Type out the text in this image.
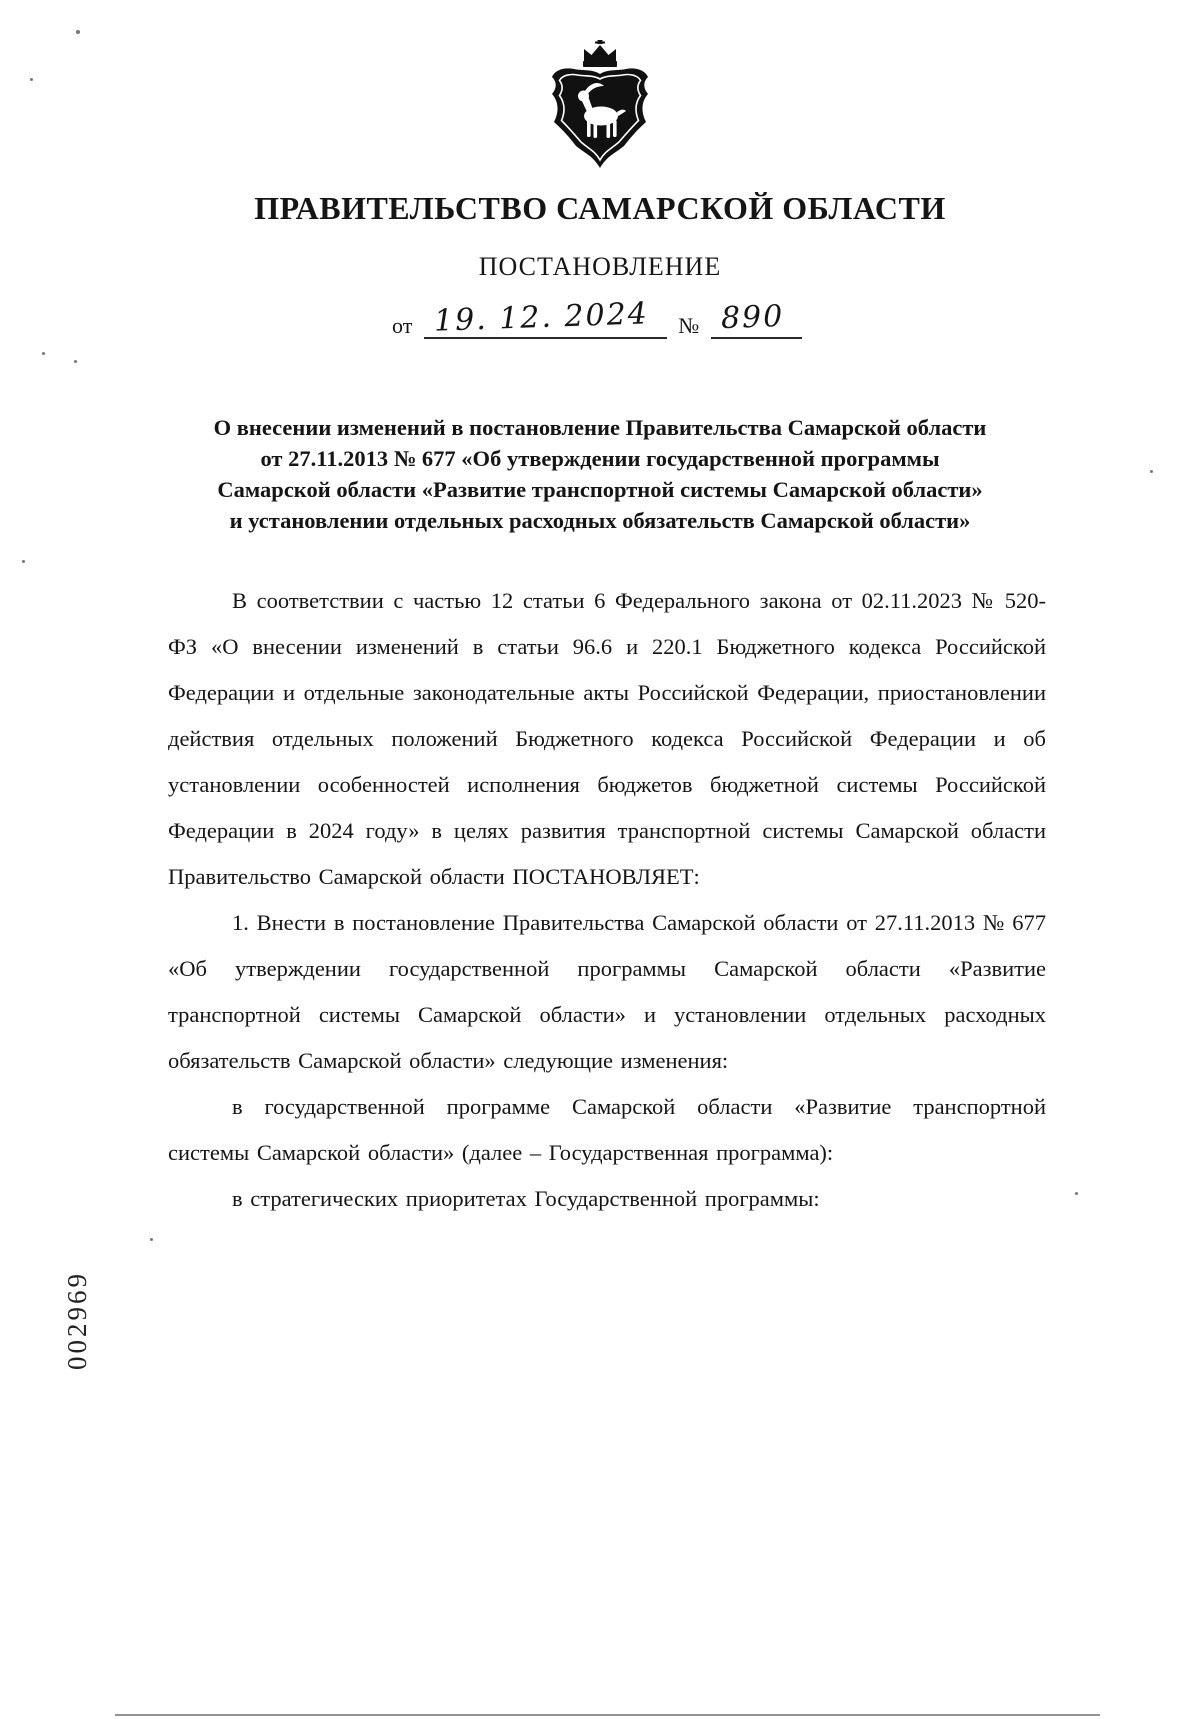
ПРАВИТЕЛЬСТВО САМАРСКОЙ ОБЛАСТИ
ПОСТАНОВЛЕНИЕ
от 19. 12. 2024 № 890
О внесении изменений в постановление Правительства Самарской области
от 27.11.2013 № 677 «Об утверждении государственной программы
Самарской области «Развитие транспортной системы Самарской области»
и установлении отдельных расходных обязательств Самарской области»

В соответствии с частью 12 статьи 6 Федерального закона от 02.11.2023 № 520-ФЗ «О внесении изменений в статьи 96.6 и 220.1 Бюджетного кодекса Российской Федерации и отдельные законодательные акты Российской Федерации, приостановлении действия отдельных положений Бюджетного кодекса Российской Федерации и об установлении особенностей исполнения бюджетов бюджетной системы Российской Федерации в 2024 году» в целях развития транспортной системы Самарской области Правительство Самарской области ПОСТАНОВЛЯЕТ:

1. Внести в постановление Правительства Самарской области от 27.11.2013 № 677 «Об утверждении государственной программы Самарской области «Развитие транспортной системы Самарской области» и установлении отдельных расходных обязательств Самарской области» следующие изменения:

в государственной программе Самарской области «Развитие транспортной системы Самарской области» (далее – Государственная программа):

в стратегических приоритетах Государственной программы:

002969
